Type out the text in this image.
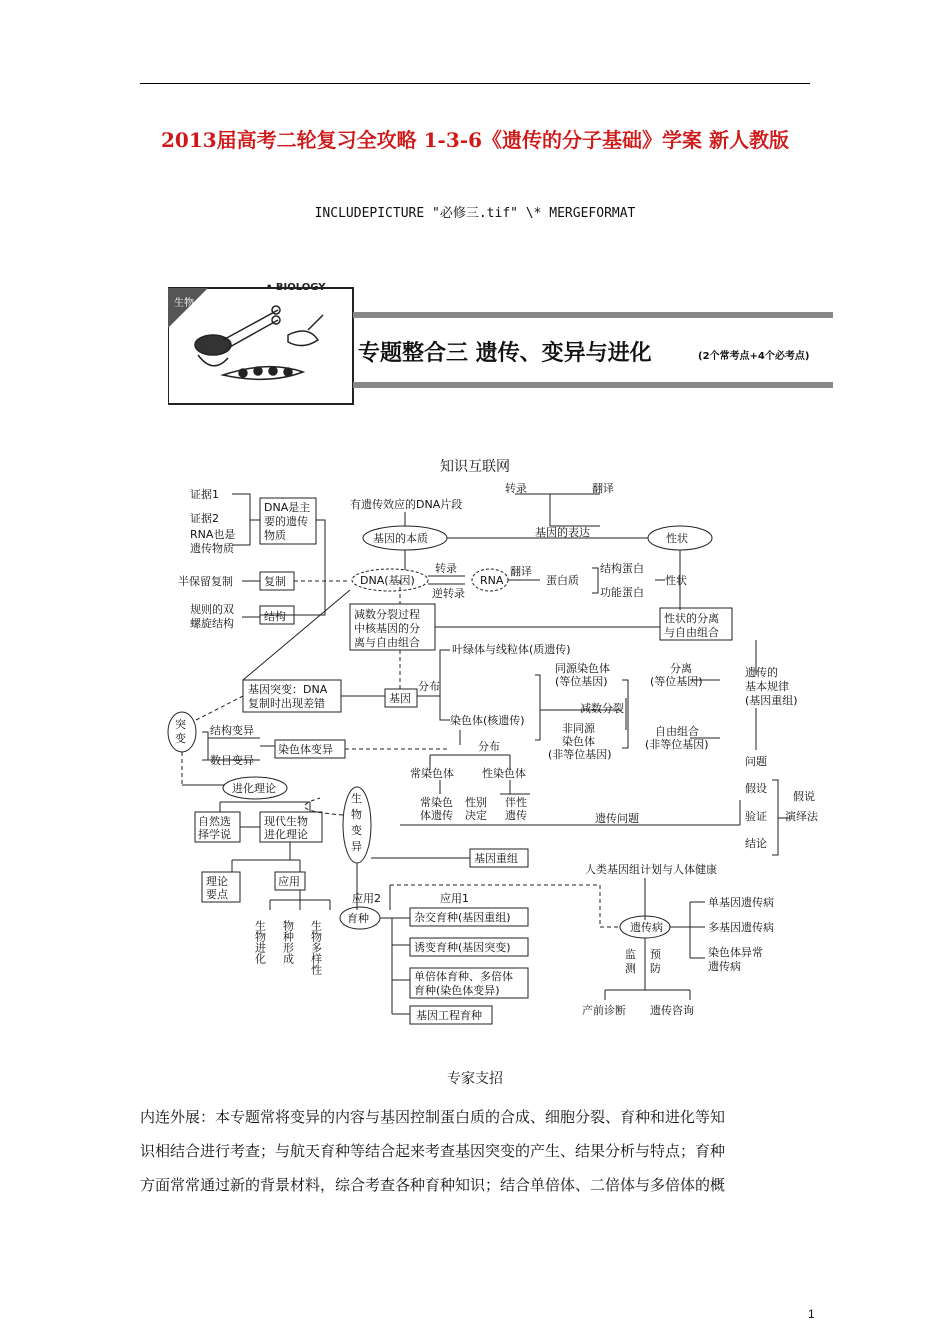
2013届高考二轮复习全攻略 1-3-6《遗传的分子基础》学案 新人教版
INCLUDEPICTURE "必修三.tif" \* MERGEFORMAT
生物
• BIOLOGY
专题整合三 遗传、变异与进化	(2个常考点+4个必考点)
知识互联网
证据1
证据2
RNA也是
遗传物质
DNA是主
要的遗传
物质
半保留复制	复制
规则的双
螺旋结构
结构
有遗传效应的DNA片段
基因的本质
转录	翻译
基因的表达	性状
DNA(基因)
转录
逆转录
RNA
翻译
蛋白质
结构蛋白
功能蛋白
性状
减数分裂过程
中核基因的分
离与自由组合
性状的分离
与自由组合
叶绿体与线粒体(质遗传)
同源染色体
(等位基因)
分离
(等位基因)
减数分裂
非同源
染色体
(非等位基因)
自由组合
(非等位基因)
遗传的
基本规律
(基因重组)
基因突变：DNA
复制时出现差错	基因
分布
染色体(核遗传)
突
变
结构变异
数目变异
染色体变异	分布
常染色体	性染色体
常染色
体遗传
性别
决定
伴性
遗传
问题
假设
验证
结论
假说
演绎法
进化理论
自然选
择学说
现代生物
进化理论
生
物
变
异
遗传问题
基因重组
理论
要点
应用
应用2	应用1
育种	杂交育种(基因重组)
诱变育种(基因突变)
单倍体育种、多倍体
育种(染色体变异)
基因工程育种
人类基因组计划与人体健康
遗传病
单基因遗传病
多基因遗传病
染色体异常
遗传病
监
测
预
防
产前诊断 遗传咨询
生物进化 物种形成 生物多样性
专家支招

内连外展：本专题常将变异的内容与基因控制蛋白质的合成、细胞分裂、育种和进化等知

识相结合进行考查；与航天育种等结合起来考查基因突变的产生、结果分析与特点；育种

方面常常通过新的背景材料，综合考查各种育种知识；结合单倍体、二倍体与多倍体的概

1
